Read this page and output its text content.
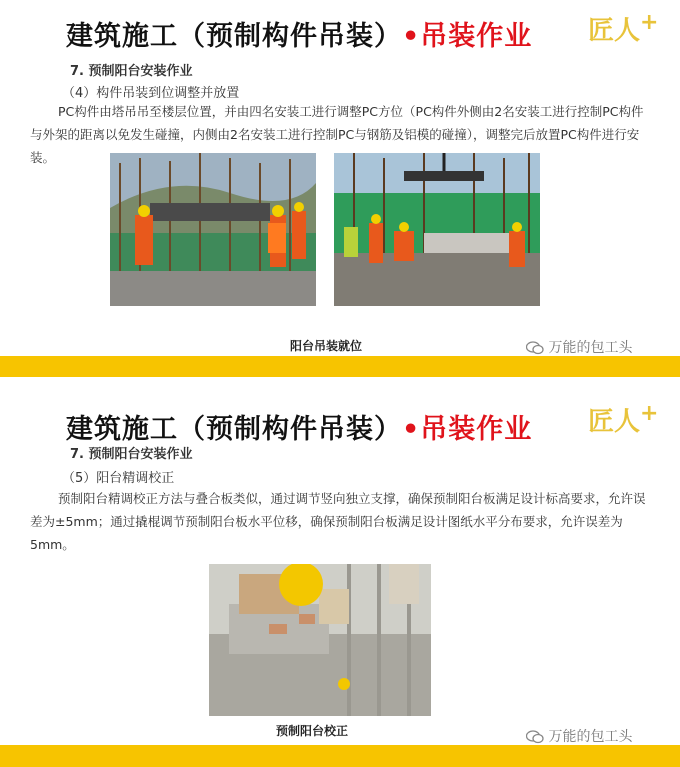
建筑施工（预制构件吊装）•吊装作业 匠人+
7. 预制阳台安装作业
（4）构件吊装到位调整并放置
PC构件由塔吊吊至楼层位置，并由四名安装工进行调整PC方位（PC构件外侧由2名安装工进行控制PC构件与外架的距离以免发生碰撞，内侧由2名安装工进行控制PC与钢筋及铝模的碰撞），调整完后放置PC构件进行安装。
阳台吊装就位	万能的包工头
建筑施工（预制构件吊装）•吊装作业 匠人+
7. 预制阳台安装作业
（5）阳台精调校正
预制阳台精调校正方法与叠合板类似，通过调节竖向独立支撑，确保预制阳台板满足设计标高要求，允许误差为±5mm；通过撬棍调节预制阳台板水平位移，确保预制阳台板满足设计图纸水平分布要求，允许误差为5mm。
预制阳台校正	万能的包工头
